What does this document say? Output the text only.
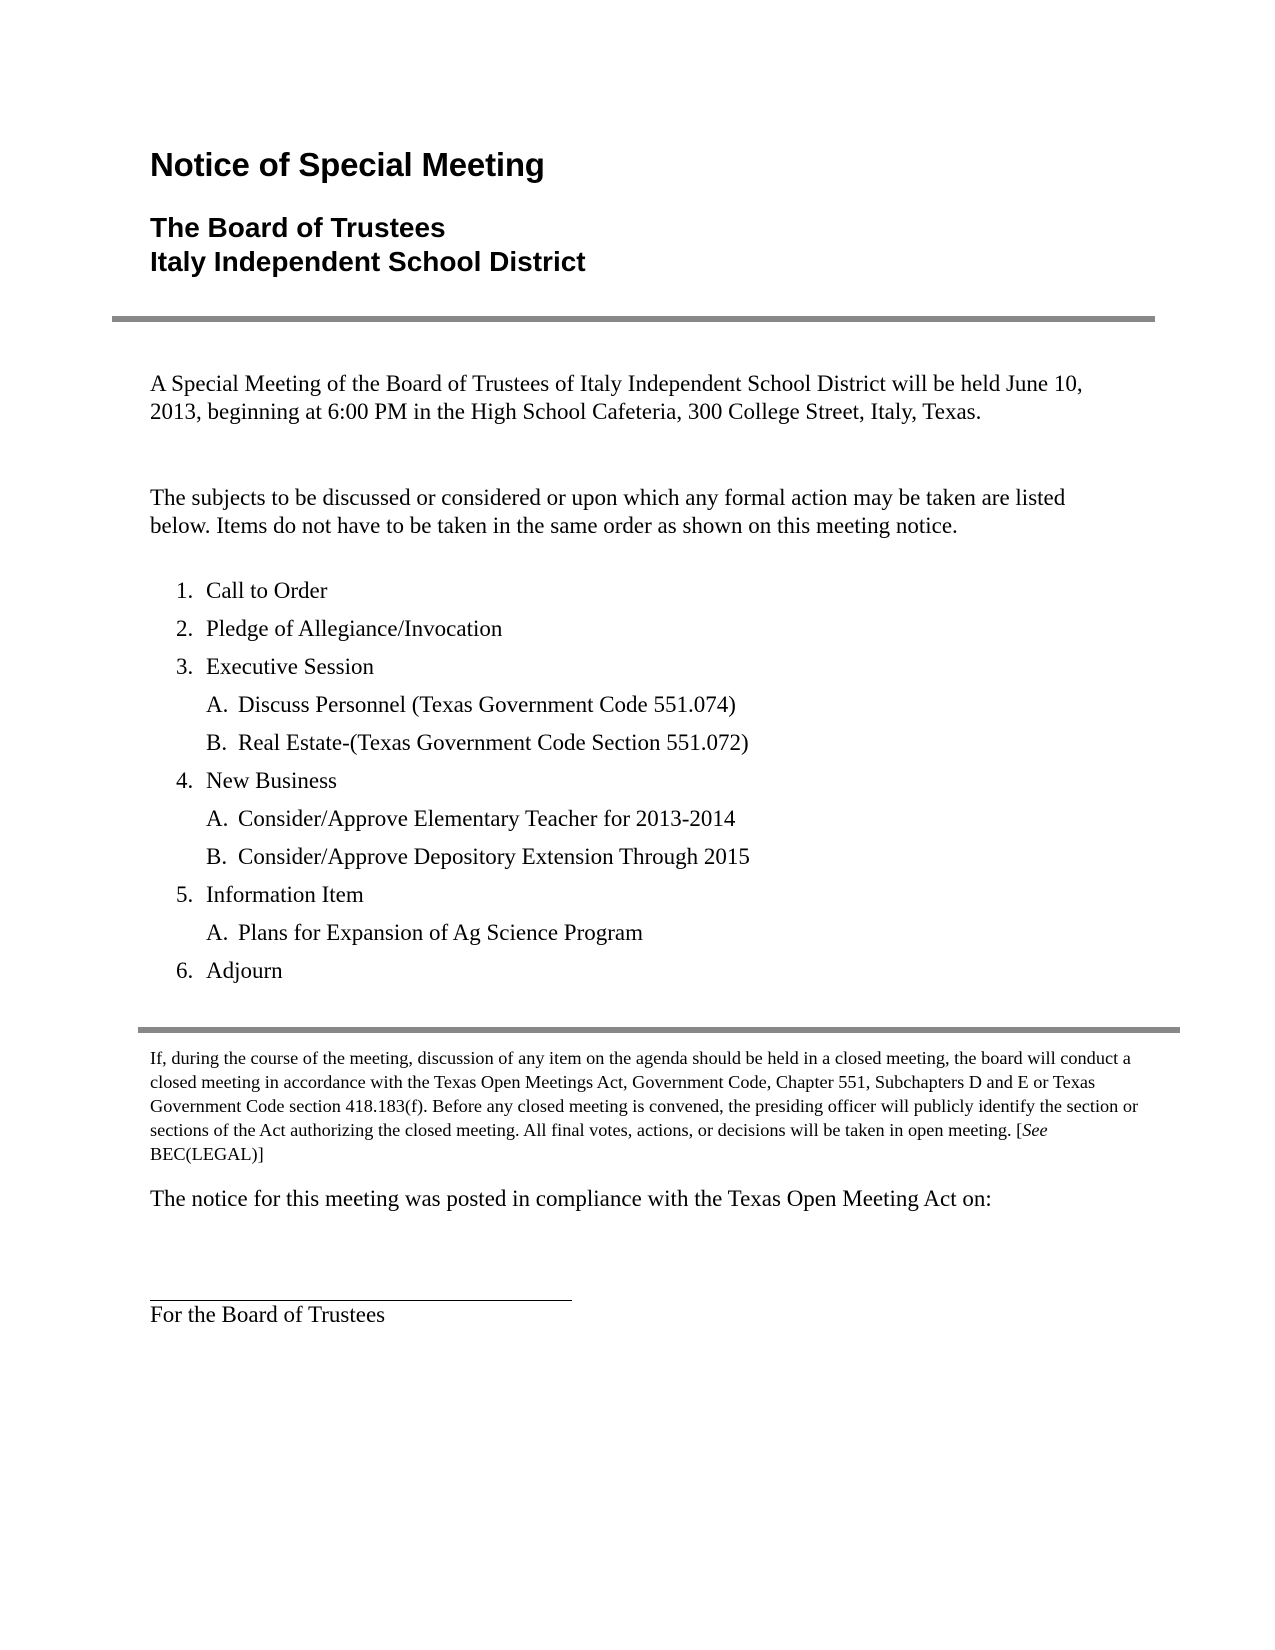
Notice of Special Meeting
The Board of Trustees
Italy Independent School District

A Special Meeting of the Board of Trustees of Italy Independent School District will be held June 10, 2013, beginning at 6:00 PM in the High School Cafeteria, 300 College Street, Italy, Texas.

The subjects to be discussed or considered or upon which any formal action may be taken are listed below. Items do not have to be taken in the same order as shown on this meeting notice.

1. Call to Order
2. Pledge of Allegiance/Invocation
3. Executive Session
A. Discuss Personnel (Texas Government Code 551.074)
B. Real Estate-(Texas Government Code Section 551.072)
4. New Business
A. Consider/Approve Elementary Teacher for 2013-2014
B. Consider/Approve Depository Extension Through 2015
5. Information Item
A. Plans for Expansion of Ag Science Program
6. Adjourn

If, during the course of the meeting, discussion of any item on the agenda should be held in a closed meeting, the board will conduct a closed meeting in accordance with the Texas Open Meetings Act, Government Code, Chapter 551, Subchapters D and E or Texas Government Code section 418.183(f). Before any closed meeting is convened, the presiding officer will publicly identify the section or sections of the Act authorizing the closed meeting. All final votes, actions, or decisions will be taken in open meeting. [See BEC(LEGAL)]

The notice for this meeting was posted in compliance with the Texas Open Meeting Act on:

For the Board of Trustees
